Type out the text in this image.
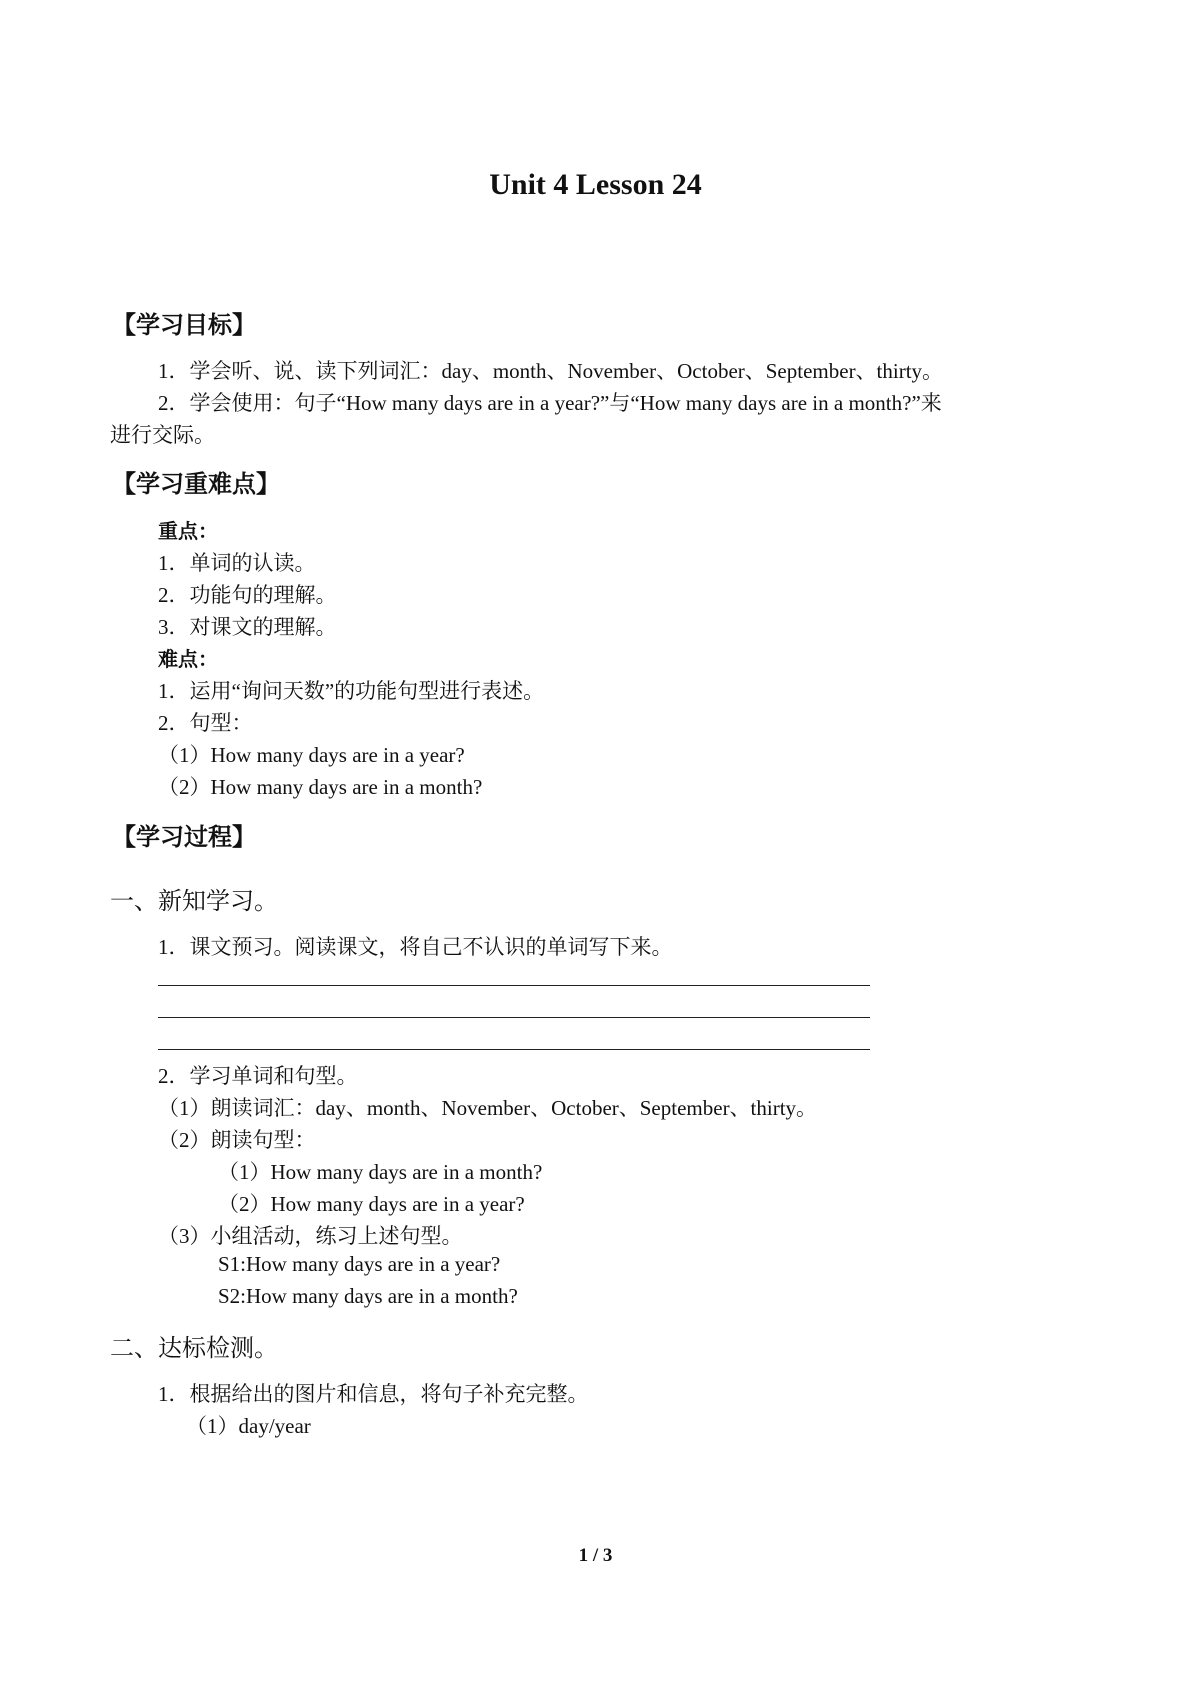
Unit 4 Lesson 24
【学习目标】
1．学会听、说、读下列词汇：day、month、November、October、September、thirty。
2．学会使用：句子“How many days are in a year?”与“How many days are in a month?”来
进行交际。
【学习重难点】
重点：
1．单词的认读。
2．功能句的理解。
3．对课文的理解。
难点：
1．运用“询问天数”的功能句型进行表述。
2．句型：
（1）How many days are in a year?
（2）How many days are in a month?
【学习过程】
一、新知学习。
1．课文预习。阅读课文，将自己不认识的单词写下来。
2．学习单词和句型。
（1）朗读词汇：day、month、November、October、September、thirty。
（2）朗读句型：
（1）How many days are in a month?
（2）How many days are in a year?
（3）小组活动，练习上述句型。
S1:How many days are in a year?
S2:How many days are in a month?
二、达标检测。
1．根据给出的图片和信息，将句子补充完整。
（1）day/year
1 / 3
